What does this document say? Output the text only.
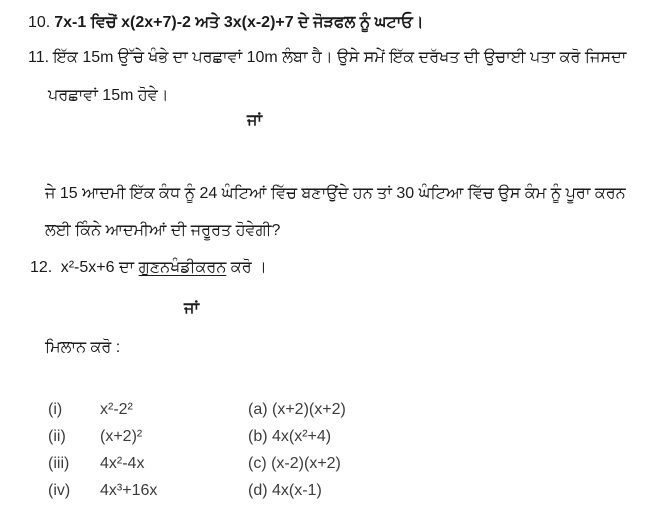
10. 7x-1 ਵਿਚੋਂ x(2x+7)-2 ਅਤੇ 3x(x-2)+7 ਦੇ ਜੋੜਫਲ ਨੂੰ ਘਟਾਓ।
11. ਇੱਕ 15m ਉੱਚੇ ਖੰਭੇ ਦਾ ਪਰਛਾਵਾਂ 10m ਲੰਬਾ ਹੈ। ਉਸੇ ਸਮੇਂ ਇੱਕ ਦਰੱਖਤ ਦੀ ਉਚਾਈ ਪਤਾ ਕਰੋ ਜਿਸਦਾ
ਪਰਛਾਵਾਂ 15m ਹੋਵੇ।
ਜਾਂ
ਜੇ 15 ਆਦਮੀ ਇੱਕ ਕੰਧ ਨੂੰ 24 ਘੰਟਿਆਂ ਵਿੱਚ ਬਣਾਉਂਦੇ ਹਨ ਤਾਂ 30 ਘੰਟਿਆ ਵਿੱਚ ਉਸ ਕੰਮ ਨੂੰ ਪੂਰਾ ਕਰਨ
ਲਈ ਕਿੰਨੇ ਆਦਮੀਆਂ ਦੀ ਜਰੂਰਤ ਹੋਵੇਗੀ?
12. x²-5x+6 ਦਾ ਗੁਣਨਖੰਡੀਕਰਨ ਕਰੋ ।
ਜਾਂ
ਮਿਲਾਨ ਕਰੋ :
(i)	x²-2²	(a) (x+2)(x+2)
(ii)	(x+2)²	(b) 4x(x²+4)
(iii)	4x²-4x	(c) (x-2)(x+2)
(iv)	4x³+16x	(d) 4x(x-1)
